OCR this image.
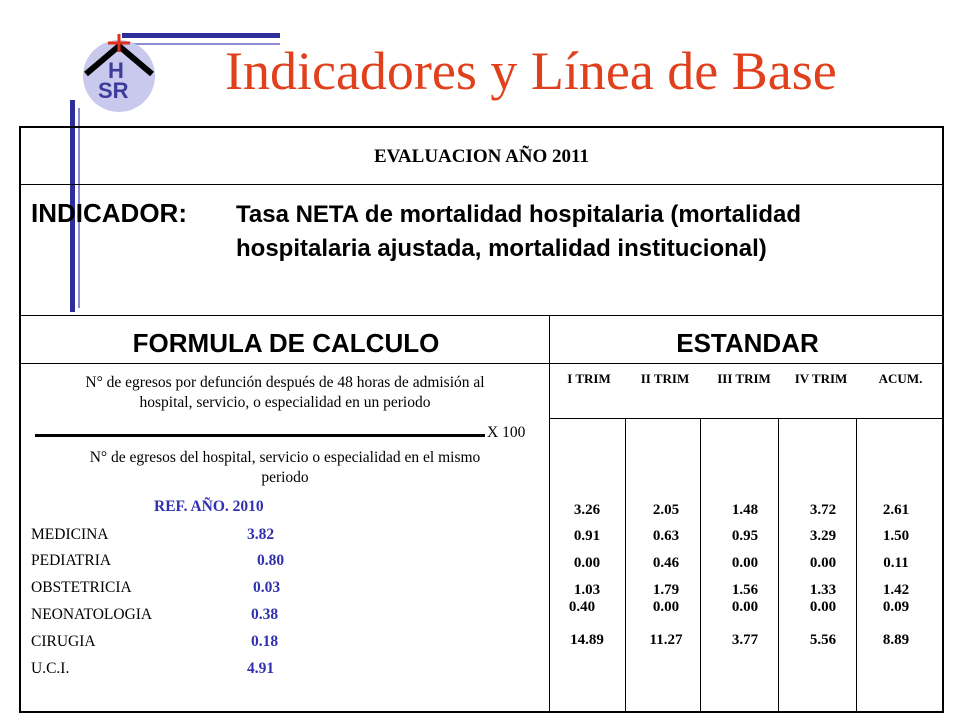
H
SR Indicadores y Línea de Base
EVALUACION AÑO 2011
INDICADOR: Tasa NETA de mortalidad hospitalaria (mortalidad
hospitalaria ajustada, mortalidad institucional)
FORMULA DE CALCULO	ESTANDAR
N° de egresos por defunción después de 48 horas de admisión al
hospital, servicio, o especialidad en un periodo
X 100
N° de egresos del hospital, servicio o especialidad en el mismo
periodo
REF. AÑO. 2010
MEDICINA	3.82
PEDIATRIA	0.80
OBSTETRICIA	0.03
NEONATOLOGIA	0.38
CIRUGIA	0.18
U.C.I.	4.91
I TRIM	II TRIM	III TRIM	IV TRIM	ACUM.
3.26	2.05	1.48	3.72	2.61
0.91	0.63	0.95	3.29	1.50
0.00	0.46	0.00	0.00	0.11
1.03	1.79	1.56	1.33	1.42
0.40	0.00	0.00	0.00	0.09
14.89	11.27	3.77	5.56	8.89
